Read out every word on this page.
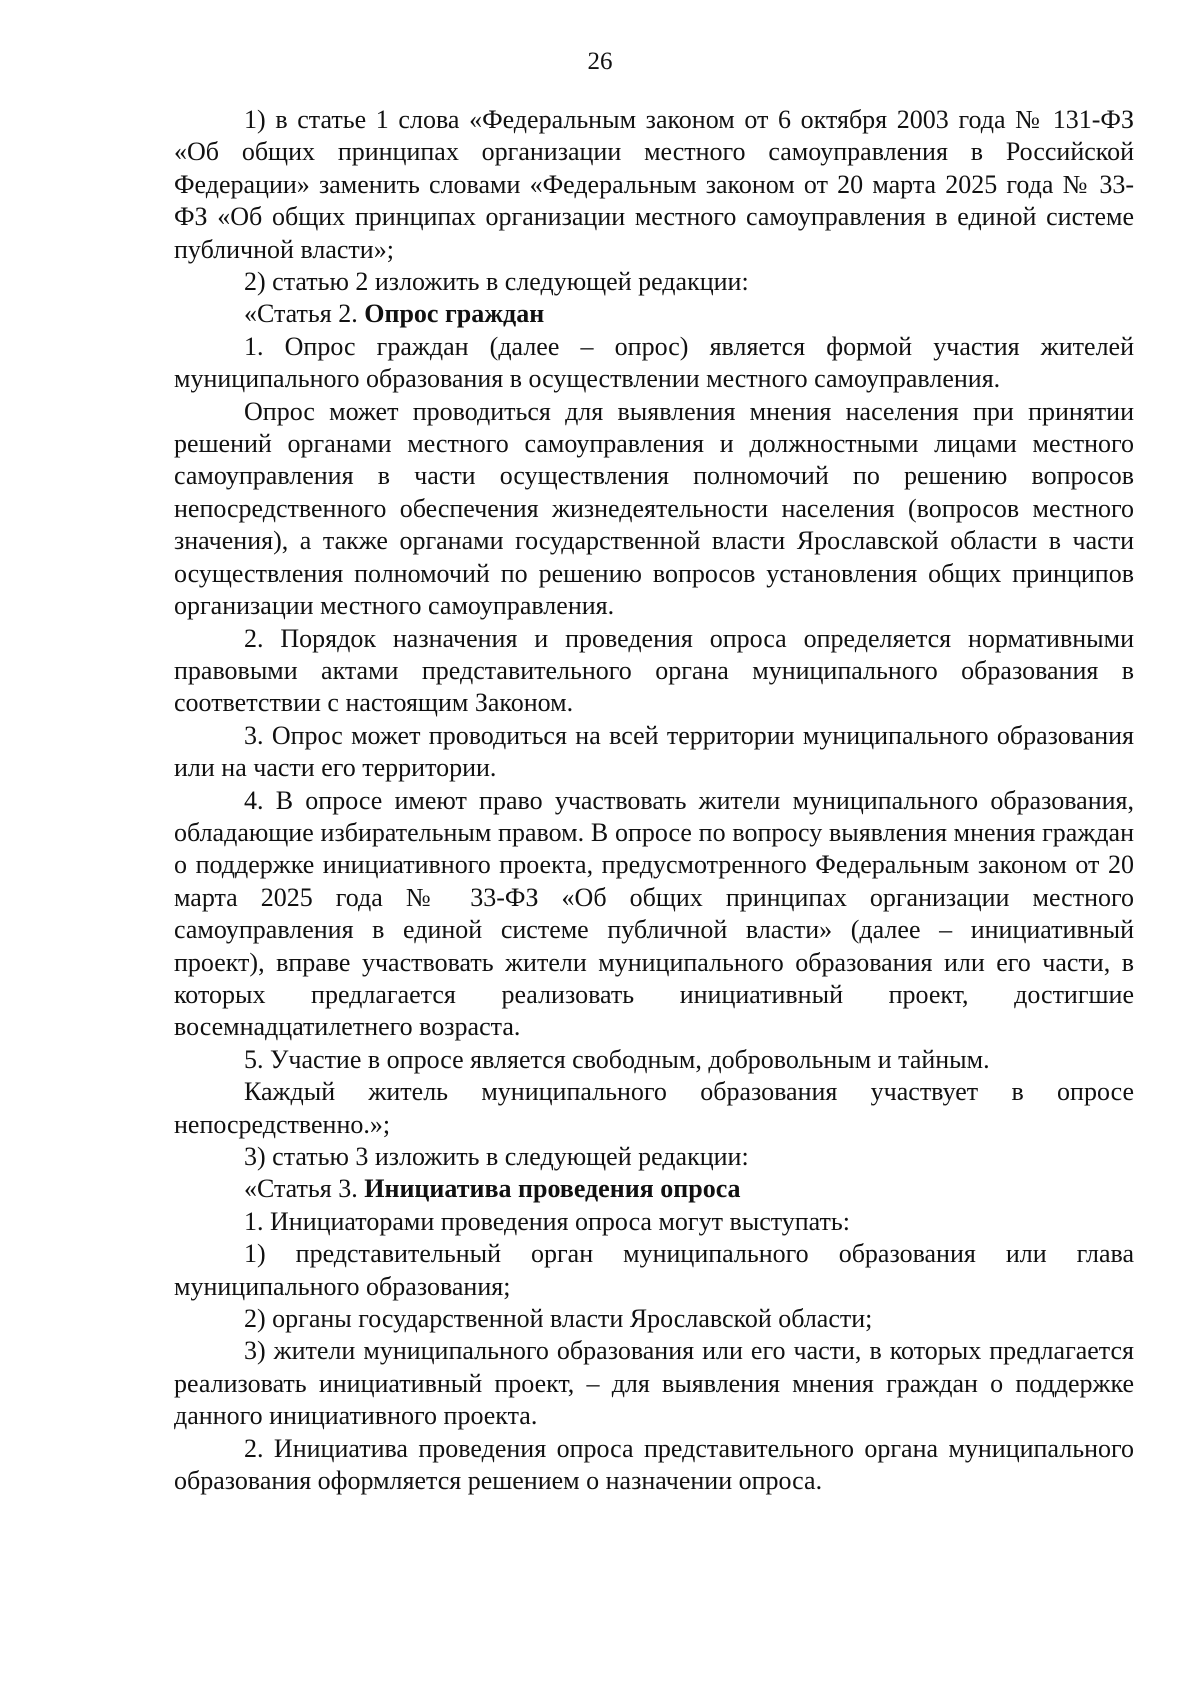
26

1) в статье 1 слова «Федеральным законом от 6 октября 2003 года № 131-ФЗ «Об общих принципах организации местного самоуправления в Российской Федерации» заменить словами «Федеральным законом от 20 марта 2025 года № 33-ФЗ «Об общих принципах организации местного самоуправления в единой системе публичной власти»;

2) статью 2 изложить в следующей редакции:

«Статья 2. Опрос граждан

1. Опрос граждан (далее – опрос) является формой участия жителей муниципального образования в осуществлении местного самоуправления.

Опрос может проводиться для выявления мнения населения при принятии решений органами местного самоуправления и должностными лицами местного самоуправления в части осуществления полномочий по решению вопросов непосредственного обеспечения жизнедеятельности населения (вопросов местного значения), а также органами государственной власти Ярославской области в части осуществления полномочий по решению вопросов установления общих принципов организации местного самоуправления.

2. Порядок назначения и проведения опроса определяется нормативными правовыми актами представительного органа муниципального образования в соответствии с настоящим Законом.

3. Опрос может проводиться на всей территории муниципального образования или на части его территории.

4. В опросе имеют право участвовать жители муниципального образования, обладающие избирательным правом. В опросе по вопросу выявления мнения граждан о поддержке инициативного проекта, предусмотренного Федеральным законом от 20 марта 2025 года № 33-ФЗ «Об общих принципах организации местного самоуправления в единой системе публичной власти» (далее – инициативный проект), вправе участвовать жители муниципального образования или его части, в которых предлагается реализовать инициативный проект, достигшие восемнадцатилетнего возраста.

5. Участие в опросе является свободным, добровольным и тайным.

Каждый житель муниципального образования участвует в опросе непосредственно.»;

3) статью 3 изложить в следующей редакции:

«Статья 3. Инициатива проведения опроса

1. Инициаторами проведения опроса могут выступать:

1) представительный орган муниципального образования или глава муниципального образования;

2) органы государственной власти Ярославской области;

3) жители муниципального образования или его части, в которых предлагается реализовать инициативный проект, – для выявления мнения граждан о поддержке данного инициативного проекта.

2. Инициатива проведения опроса представительного органа муниципального образования оформляется решением о назначении опроса.
